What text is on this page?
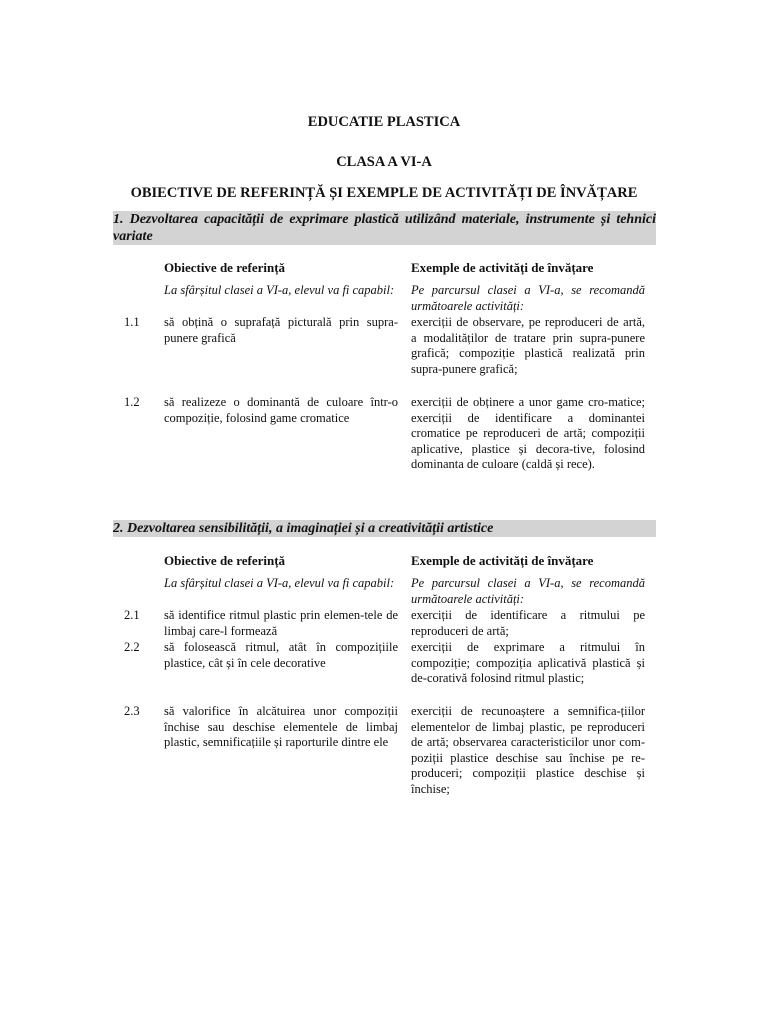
EDUCATIE PLASTICA
CLASA A VI-A
OBIECTIVE DE REFERINȚĂ ȘI EXEMPLE DE ACTIVITĂȚI DE ÎNVĂȚARE
1. Dezvoltarea capacității de exprimare plastică utilizând materiale, instrumente și tehnici variate
Obiective de referință	Exemple de activități de învățare
La sfârșitul clasei a VI-a, elevul va fi capabil:	Pe parcursul clasei a VI-a, se recomandă următoarele activități:
1.1 să obțină o suprafață picturală prin supra-punere grafică
exerciții de observare, pe reproduceri de artă, a modalităților de tratare prin supra-punere grafică; compoziție plastică realizată prin supra-punere grafică;
1.2 să realizeze o dominantă de culoare într-o compoziție, folosind game cromatice
exerciții de obținere a unor game cro-matice; exerciții de identificare a dominantei cromatice pe reproduceri de artă; compoziții aplicative, plastice și decora-tive, folosind dominanta de culoare (caldă și rece).
2. Dezvoltarea sensibilității, a imaginației și a creativității artistice
Obiective de referință	Exemple de activități de învățare
La sfârșitul clasei a VI-a, elevul va fi capabil:	Pe parcursul clasei a VI-a, se recomandă următoarele activități:
2.1 să identifice ritmul plastic prin elemen-tele de limbaj care-l formează
exerciții de identificare a ritmului pe reproduceri de artă;
2.2 să folosească ritmul, atât în compozițiile plastice, cât și în cele decorative
exerciții de exprimare a ritmului în compoziție; compoziția aplicativă plastică și de-corativă folosind ritmul plastic;
2.3 să valorifice în alcătuirea unor compoziții închise sau deschise elementele de limbaj plastic, semnificațiile și raporturile dintre ele
exerciții de recunoaștere a semnifica-țiilor elementelor de limbaj plastic, pe reproduceri de artă; observarea caracteristicilor unor com-poziții plastice deschise sau închise pe re-produceri; compoziții plastice deschise și închise;
